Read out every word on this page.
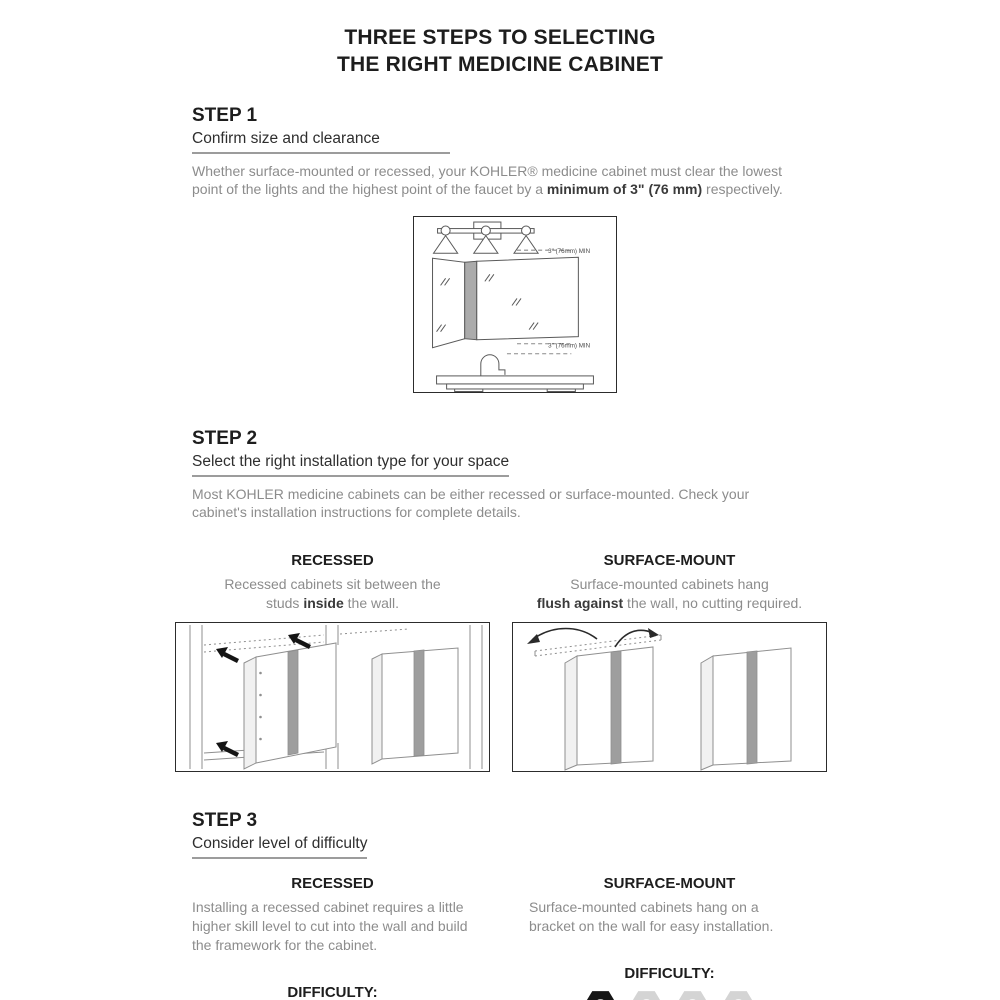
THREE STEPS TO SELECTING
THE RIGHT MEDICINE CABINET
STEP 1
Confirm size and clearance
Whether surface-mounted or recessed, your KOHLER® medicine cabinet must clear the lowest
point of the lights and the highest point of the faucet by a minimum of 3" (76 mm) respectively.
3" (76mm) MIN
3" (76mm) MIN
STEP 2
Select the right installation type for your space
Most KOHLER medicine cabinets can be either recessed or surface-mounted. Check your
cabinet's installation instructions for complete details.
RECESSED
Recessed cabinets sit between the
studs inside the wall.
SURFACE-MOUNT
Surface-mounted cabinets hang
flush against the wall, no cutting required.
STEP 3
Consider level of difficulty
RECESSED
Installing a recessed cabinet requires a little
higher skill level to cut into the wall and build
the framework for the cabinet.
DIFFICULTY:
SURFACE-MOUNT
Surface-mounted cabinets hang on a
bracket on the wall for easy installation.
DIFFICULTY:
